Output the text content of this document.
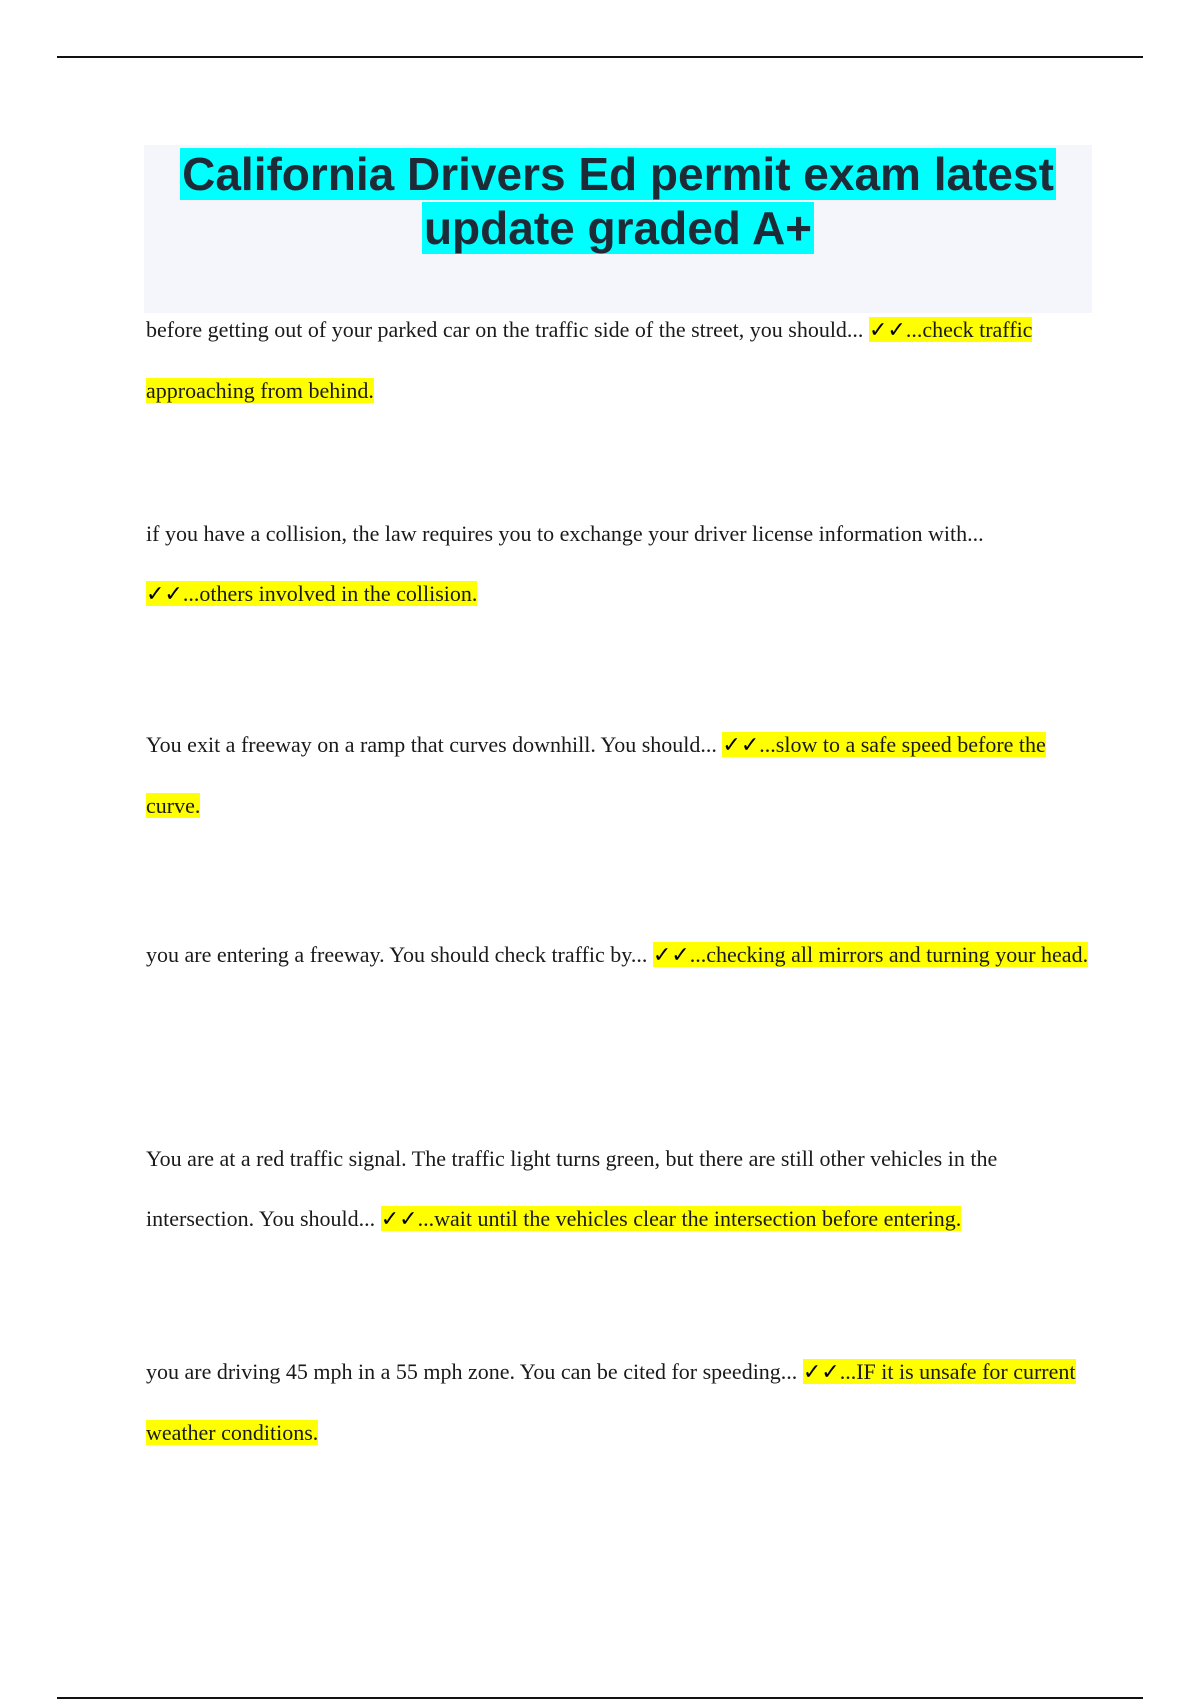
California Drivers Ed permit exam latest update graded A+

before getting out of your parked car on the traffic side of the street, you should... ✓✓...check traffic approaching from behind.

if you have a collision, the law requires you to exchange your driver license information with... ✓✓...others involved in the collision.

You exit a freeway on a ramp that curves downhill. You should... ✓✓...slow to a safe speed before the curve.

you are entering a freeway. You should check traffic by... ✓✓...checking all mirrors and turning your head.

You are at a red traffic signal. The traffic light turns green, but there are still other vehicles in the intersection. You should... ✓✓...wait until the vehicles clear the intersection before entering.

you are driving 45 mph in a 55 mph zone. You can be cited for speeding... ✓✓...IF it is unsafe for current weather conditions.
